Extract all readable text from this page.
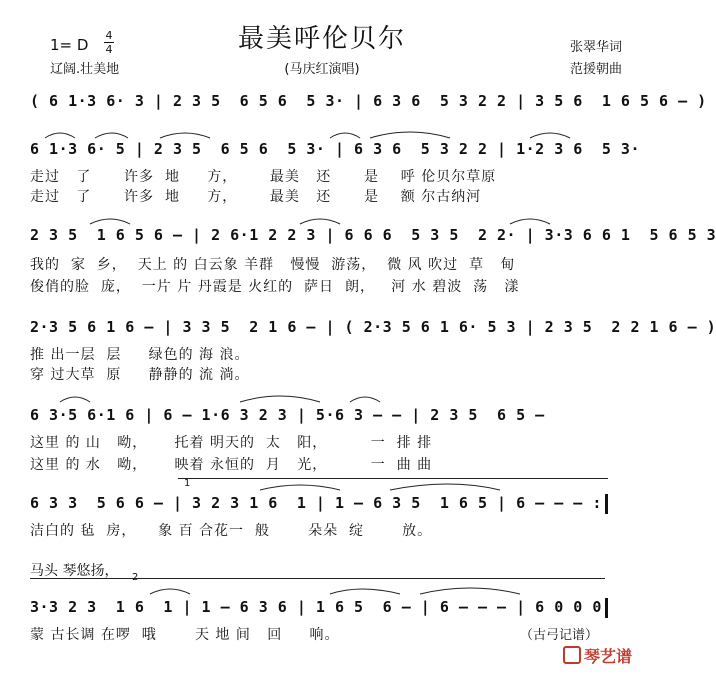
最美呼伦贝尔
1= D
4
4
辽阔.壮美地	(马庆红演唱)
张翠华词
范援朝曲
( 6 1·3 6· 3 | 2 3 5  6 5 6  5 3· | 6 3 6  5 3 2 2 | 3 5 6  1 6 5 6 – )
6 1·3 6· 5 | 2 3 5  6 5 6  5 3· | 6 3 6  5 3 2 2 | 1·2 3 6  5 3·
走过   了      许多  地     方，      最美   还      是    呼 伦贝尔草原
走过   了      许多  地     方，      最美   还      是    额 尔古纳河
2 3 5  1 6 5 6 – | 2 6·1 2 2 3 | 6 6 6  5 3 5  2 2· | 3·3 6 6 1  5 6 5 3
我的  家  乡，  天上 的 白云象 羊群   慢慢  游荡，  微 风 吹过  草   甸
俊俏的脸  庞，  一片 片 丹霞是 火红的  萨日  朗，   河 水 碧波  荡   漾
2·3 5 6 1 6 – | 3 3 5  2 1 6 – | ( 2·3 5 6 1 6· 5 3 | 2 3 5  2 2 1 6 – )
推 出一层  层     绿色的 海 浪。
穿 过大草  原     静静的 流 淌。
6 3·5 6·1 6 | 6 – 1·6 3 2 3 | 5·6 3 – – | 2 3 5  6 5 –
这里 的 山   呦，     托着 明天的  太   阳，        一  排 排
这里 的 水   呦，     映着 永恒的  月   光，        一  曲 曲
1
6 3 3  5 6 6 – | 3 2 3 1 6  1 | 1 – 6 3 5  1 6 5 | 6 – – – :
洁白的 毡  房，    象 百 合花一  般       朵朵  绽       放。
马头 琴悠扬， 2
3·3 2 3  1 6  1 | 1 – 6 3 6 | 1 6 5  6 – | 6 – – – | 6 0 0 0
蒙 古长调 在啰  哦       天 地 间   回     响。	（古弓记谱）
琴艺谱
